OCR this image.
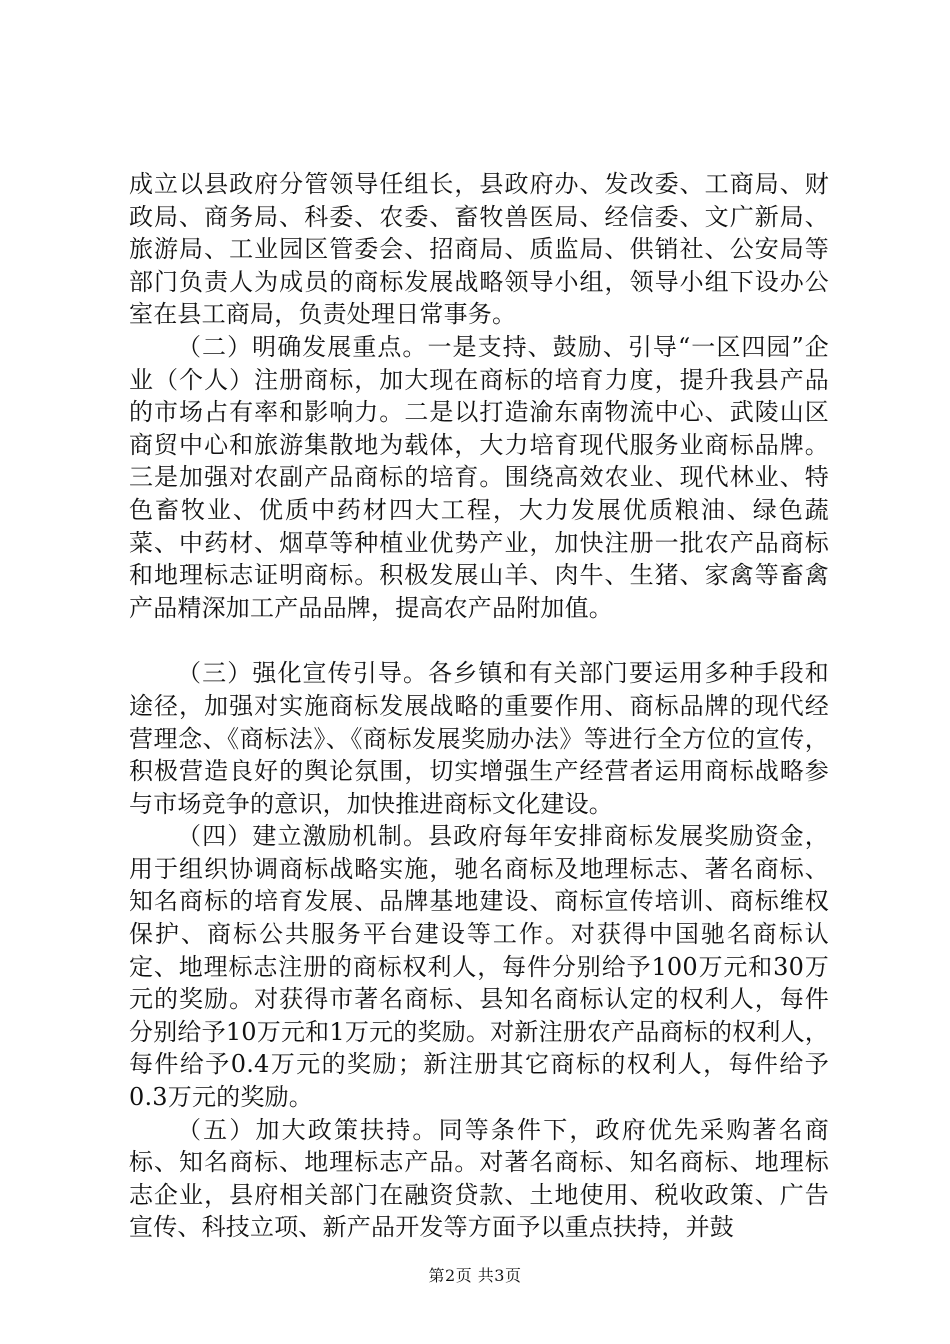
成立以县政府分管领导任组长，县政府办、发改委、工商局、财政局、商务局、科委、农委、畜牧兽医局、经信委、文广新局、旅游局、工业园区管委会、招商局、质监局、供销社、公安局等部门负责人为成员的商标发展战略领导小组，领导小组下设办公室在县工商局，负责处理日常事务。

（二）明确发展重点。一是支持、鼓励、引导“一区四园”企业（个人）注册商标，加大现在商标的培育力度，提升我县产品的市场占有率和影响力。二是以打造渝东南物流中心、武陵山区商贸中心和旅游集散地为载体，大力培育现代服务业商标品牌。三是加强对农副产品商标的培育。围绕高效农业、现代林业、特色畜牧业、优质中药材四大工程，大力发展优质粮油、绿色蔬菜、中药材、烟草等种植业优势产业，加快注册一批农产品商标和地理标志证明商标。积极发展山羊、肉牛、生猪、家禽等畜禽产品精深加工产品品牌，提高农产品附加值。

（三）强化宣传引导。各乡镇和有关部门要运用多种手段和途径，加强对实施商标发展战略的重要作用、商标品牌的现代经营理念、《商标法》、《商标发展奖励办法》等进行全方位的宣传，积极营造良好的舆论氛围，切实增强生产经营者运用商标战略参与市场竞争的意识，加快推进商标文化建设。

（四）建立激励机制。县政府每年安排商标发展奖励资金，用于组织协调商标战略实施，驰名商标及地理标志、著名商标、知名商标的培育发展、品牌基地建设、商标宣传培训、商标维权保护、商标公共服务平台建设等工作。对获得中国驰名商标认定、地理标志注册的商标权利人，每件分别给予100万元和30万元的奖励。对获得市著名商标、县知名商标认定的权利人，每件分别给予10万元和1万元的奖励。对新注册农产品商标的权利人，每件给予0.4万元的奖励；新注册其它商标的权利人，每件给予0.3万元的奖励。

（五）加大政策扶持。同等条件下，政府优先采购著名商标、知名商标、地理标志产品。对著名商标、知名商标、地理标志企业，县府相关部门在融资贷款、土地使用、税收政策、广告宣传、科技立项、新产品开发等方面予以重点扶持，并鼓

第2页 共3页
